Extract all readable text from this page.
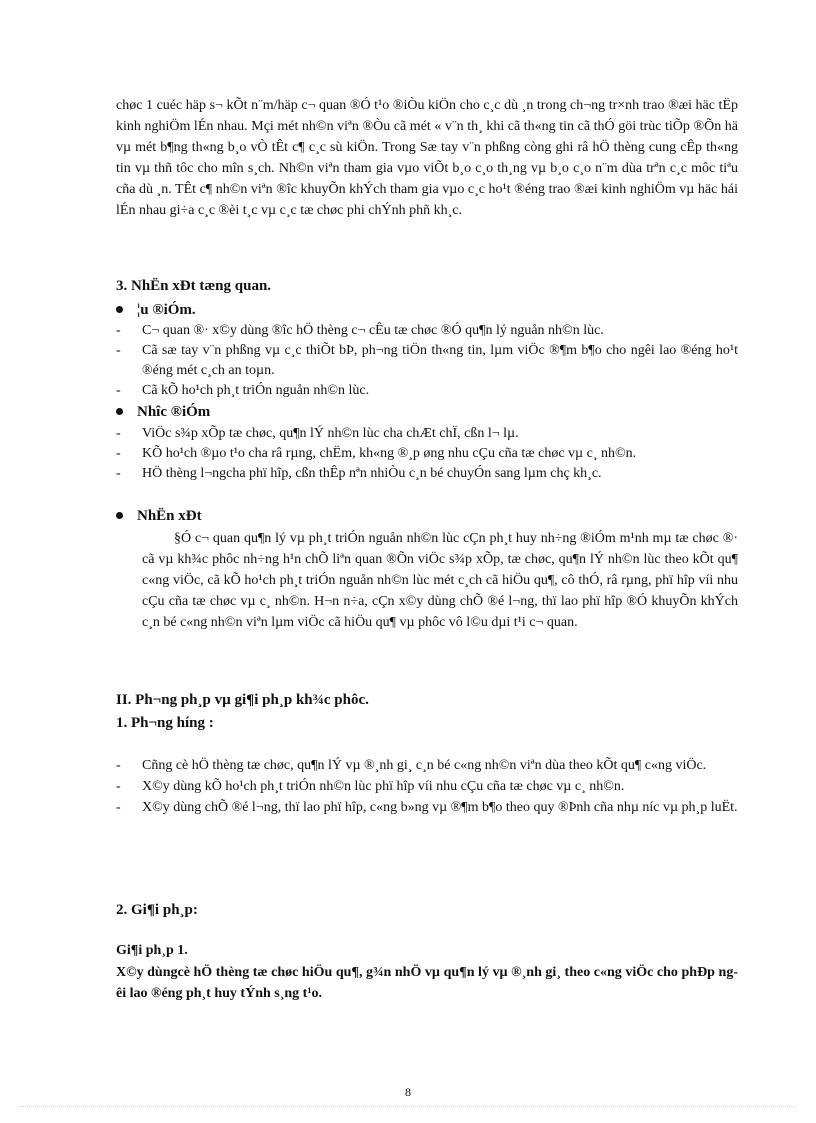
chøc 1 cuéc häp s¬ kÕt n¨m/häp c¬ quan ®Ó t¹o ®iÒu kiÖn cho c¸c dù ¸n trong ch¬ng tr×nh trao ®æi häc tËp kinh nghiÖm lÉn nhau. Mçi mét nh©n viªn ®Òu cã mét « v¨n th¸ khi cã th«ng tin cã thÓ göi trùc tiÕp ®Õn hä vµ mét b¶ng th«ng b¸o vÒ tÊt c¶ c¸c sù kiÖn. Trong Sæ tay v¨n phßng còng ghi râ hÖ thèng cung cÊp th«ng tin vµ thñ tôc cho mîn s¸ch. Nh©n viªn tham gia vµo viÕt b¸o c¸o th¸ng vµ b¸o c¸o n¨m dùa trªn c¸c môc tiªu cña dù ¸n. TÊt c¶ nh©n viªn ®îc khuyÕn khÝch tham gia vµo c¸c ho¹t ®éng trao ®æi kinh nghiÖm vµ häc hái lÉn nhau gi÷a c¸c ®èi t¸c vµ c¸c tæ chøc phi chÝnh phñ kh¸c.

3. NhËn xÐt tæng quan.
¦u ®iÓm.
- C¬ quan ®· x©y dùng ®îc hÖ thèng c¬ cÊu tæ chøc ®Ó qu¶n lý nguån nh©n lùc.
- Cã sæ tay v¨n phßng vµ c¸c thiÕt bÞ, ph¬ng tiÖn th«ng tin, lµm viÖc ®¶m b¶o cho ngêi lao ®éng ho¹t ®éng mét c¸ch an toµn.
- Cã kÕ ho¹ch ph¸t triÓn nguån nh©n lùc.
Nhîc ®iÓm
- ViÖc s¾p xÕp tæ chøc, qu¶n lÝ nh©n lùc cha chÆt chÏ, cßn l¬ lµ.
- KÕ ho¹ch ®µo t¹o cha râ rµng, chËm, kh«ng ®¸p øng nhu cÇu cña tæ chøc vµ c¸ nh©n.
- HÖ thèng l¬ngcha phï hîp, cßn thÊp nªn nhiÒu c¸n bé chuyÓn sang lµm chç kh¸c.
NhËn xÐt
§Ó c¬ quan qu¶n lý vµ ph¸t triÓn nguån nh©n lùc cÇn ph¸t huy nh÷ng ®iÓm m¹nh mµ tæ chøc ®· cã vµ kh¾c phôc nh÷ng h¹n chÕ liªn quan ®Õn viÖc s¾p xÕp, tæ chøc, qu¶n lÝ nh©n lùc theo kÕt qu¶ c«ng viÖc, cã kÕ ho¹ch ph¸t triÓn nguån nh©n lùc mét c¸ch cã hiÖu qu¶, cô thÓ, râ rµng, phï hîp víi nhu cÇu cña tæ chøc vµ c¸ nh©n. H¬n n÷a, cÇn x©y dùng chÕ ®é l¬ng, thï lao phï hîp ®Ó khuyÕn khÝch c¸n bé c«ng nh©n viªn lµm viÖc cã hiÖu qu¶ vµ phôc vô l©u dµi t¹i c¬ quan.
II. Ph¬ng ph¸p vµ gi¶i ph¸p kh¾c phôc.
1. Ph¬ng híng :
- Cñng cè hÖ thèng tæ chøc, qu¶n lÝ vµ ®¸nh gi¸ c¸n bé c«ng nh©n viªn dùa theo kÕt qu¶ c«ng viÖc.
- X©y dùng kÕ ho¹ch ph¸t triÓn nh©n lùc phï hîp víi nhu cÇu cña tæ chøc vµ c¸ nh©n.
- X©y dùng chÕ ®é l¬ng, thï lao phï hîp, c«ng b»ng vµ ®¶m b¶o theo quy ®Þnh cña nhµ níc vµ ph¸p luËt.
2. Gi¶i ph¸p:
Gi¶i ph¸p 1.
X©y dùngcè hÖ thèng tæ chøc hiÖu qu¶, g¾n nhÖ vµ qu¶n lý vµ ®¸nh gi¸ theo c«ng viÖc cho phÐp ngêi lao ®éng ph¸t huy tÝnh s¸ng t¹o.
8
